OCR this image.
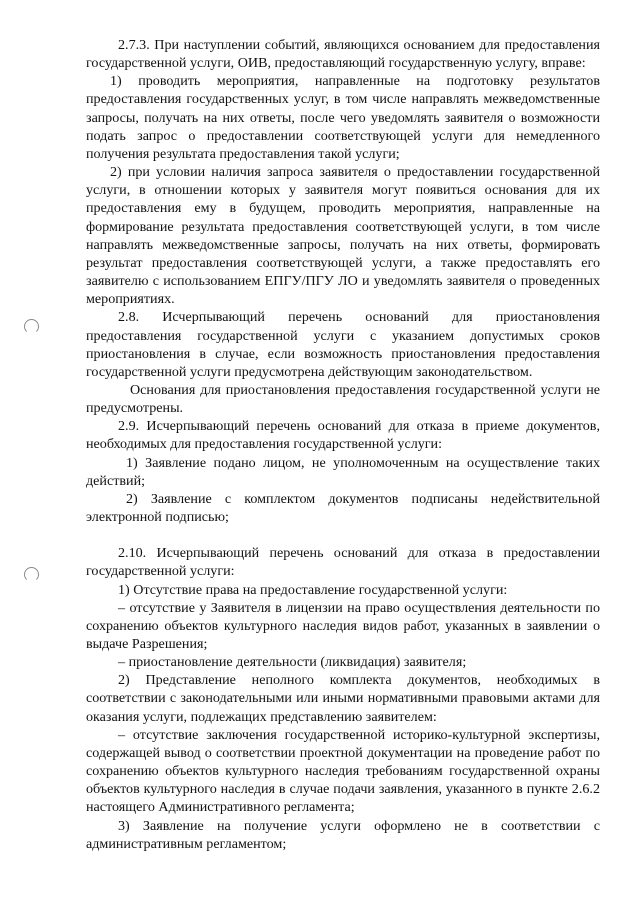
2.7.3. При наступлении событий, являющихся основанием для предоставления государственной услуги, ОИВ, предоставляющий государственную услугу, вправе:

1) проводить мероприятия, направленные на подготовку результатов предоставления государственных услуг, в том числе направлять межведомственные запросы, получать на них ответы, после чего уведомлять заявителя о возможности подать запрос о предоставлении соответствующей услуги для немедленного получения результата предоставления такой услуги;

2) при условии наличия запроса заявителя о предоставлении государственной услуги, в отношении которых у заявителя могут появиться основания для их предоставления ему в будущем, проводить мероприятия, направленные на формирование результата предоставления соответствующей услуги, в том числе направлять межведомственные запросы, получать на них ответы, формировать результат предоставления соответствующей услуги, а также предоставлять его заявителю с использованием ЕПГУ/ПГУ ЛО и уведомлять заявителя о проведенных мероприятиях.

2.8. Исчерпывающий перечень оснований для приостановления предоставления государственной услуги с указанием допустимых сроков приостановления в случае, если возможность приостановления предоставления государственной услуги предусмотрена действующим законодательством.

Основания для приостановления предоставления государственной услуги не предусмотрены.

2.9. Исчерпывающий перечень оснований для отказа в приеме документов, необходимых для предоставления государственной услуги:

1) Заявление подано лицом, не уполномоченным на осуществление таких действий;

2) Заявление с комплектом документов подписаны недействительной электронной подписью;

2.10. Исчерпывающий перечень оснований для отказа в предоставлении государственной услуги:

1) Отсутствие права на предоставление государственной услуги:

– отсутствие у Заявителя в лицензии на право осуществления деятельности по сохранению объектов культурного наследия видов работ, указанных в заявлении о выдаче Разрешения;

– приостановление деятельности (ликвидация) заявителя;

2) Представление неполного комплекта документов, необходимых в соответствии с законодательными или иными нормативными правовыми актами для оказания услуги, подлежащих представлению заявителем:

– отсутствие заключения государственной историко-культурной экспертизы, содержащей вывод о соответствии проектной документации на проведение работ по сохранению объектов культурного наследия требованиям государственной охраны объектов культурного наследия в случае подачи заявления, указанного в пункте 2.6.2 настоящего Административного регламента;

3) Заявление на получение услуги оформлено не в соответствии с административным регламентом;
